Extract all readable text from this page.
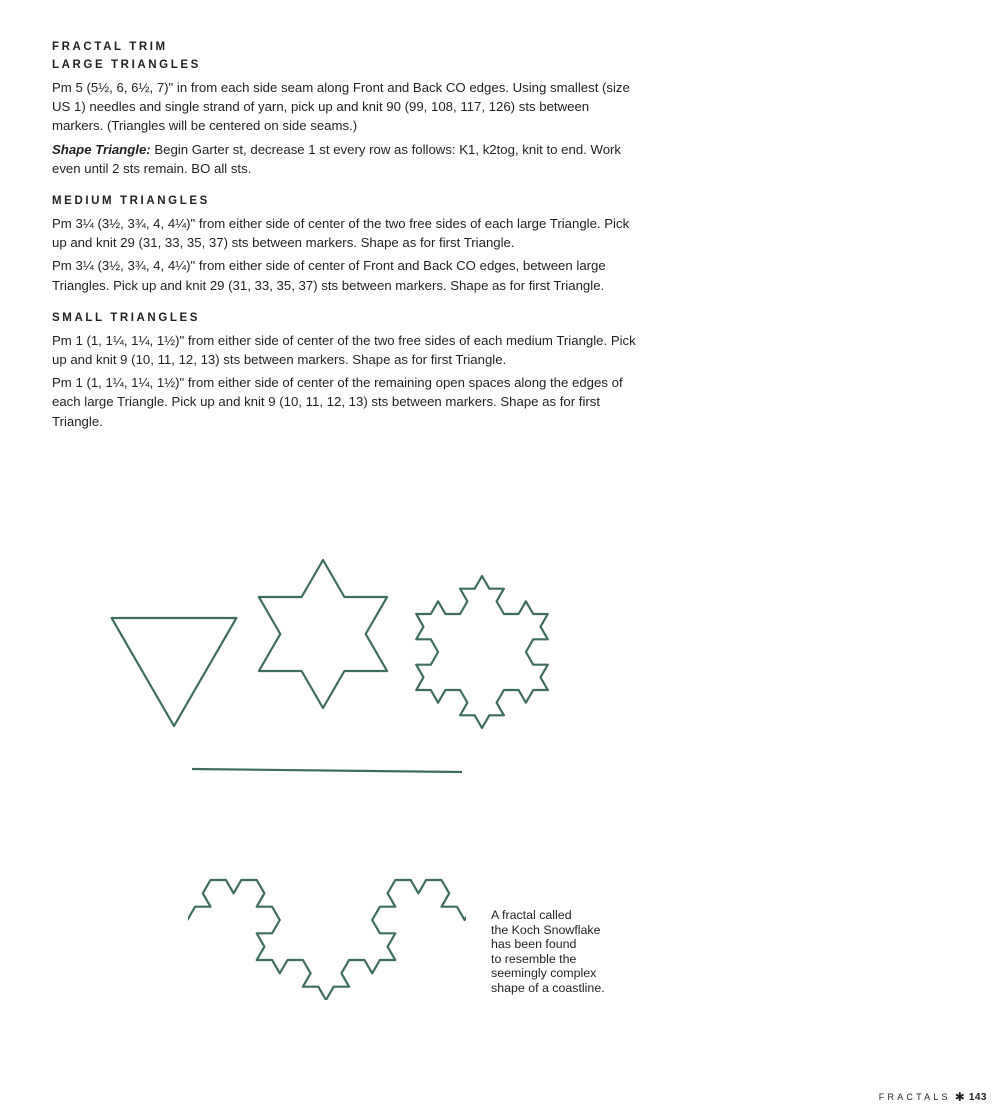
FRACTAL TRIM

LARGE TRIANGLES

Pm 5 (5½, 6, 6½, 7)" in from each side seam along Front and Back CO edges. Using smallest (size US 1) needles and single strand of yarn, pick up and knit 90 (99, 108, 117, 126) sts between markers. (Triangles will be centered on side seams.)

Shape Triangle: Begin Garter st, decrease 1 st every row as follows: K1, k2tog, knit to end. Work even until 2 sts remain. BO all sts.

MEDIUM TRIANGLES

Pm 3¼ (3½, 3¾, 4, 4¼)" from either side of center of the two free sides of each large Triangle. Pick up and knit 29 (31, 33, 35, 37) sts between markers. Shape as for first Triangle.

Pm 3¼ (3½, 3¾, 4, 4¼)" from either side of center of Front and Back CO edges, between large Triangles. Pick up and knit 29 (31, 33, 35, 37) sts between markers. Shape as for first Triangle.

SMALL TRIANGLES

Pm 1 (1, 1¼, 1¼, 1½)" from either side of center of the two free sides of each medium Triangle. Pick up and knit 9 (10, 11, 12, 13) sts between markers. Shape as for first Triangle.

Pm 1 (1, 1¼, 1¼, 1½)" from either side of center of the remaining open spaces along the edges of each large Triangle. Pick up and knit 9 (10, 11, 12, 13) sts between markers. Shape as for first Triangle.

A fractal called
the Koch Snowflake
has been found
to resemble the
seemingly complex
shape of a coastline.
FRACTALS ✱ 143
